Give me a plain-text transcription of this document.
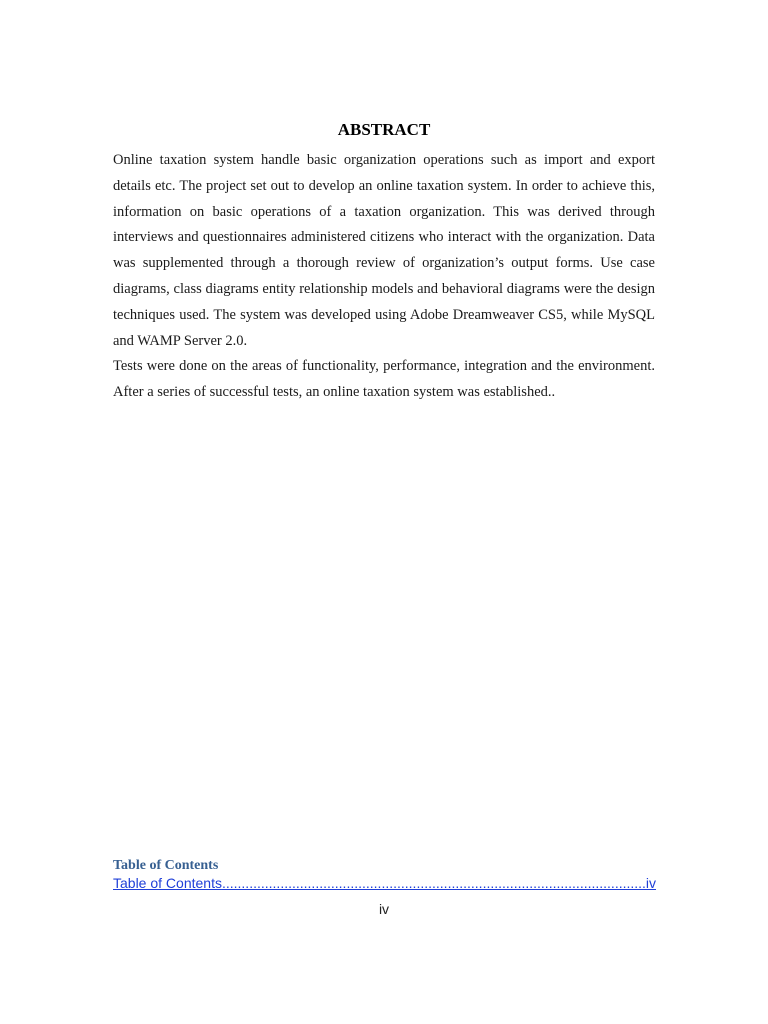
ABSTRACT

Online taxation system handle basic organization operations such as import and export details etc. The project set out to develop an online taxation system. In order to achieve this, information on basic operations of a taxation organization. This was derived through interviews and questionnaires administered citizens who interact with the organization. Data was supplemented through a thorough review of organization’s output forms. Use case diagrams, class diagrams entity relationship models and behavioral diagrams were the design techniques used. The system was developed using Adobe Dreamweaver CS5, while MySQL and WAMP Server 2.0.

Tests were done on the areas of functionality, performance, integration and the environment. After a series of successful tests, an online taxation system was established..

Table of Contents
Table of Contents
.....	iv
iv
